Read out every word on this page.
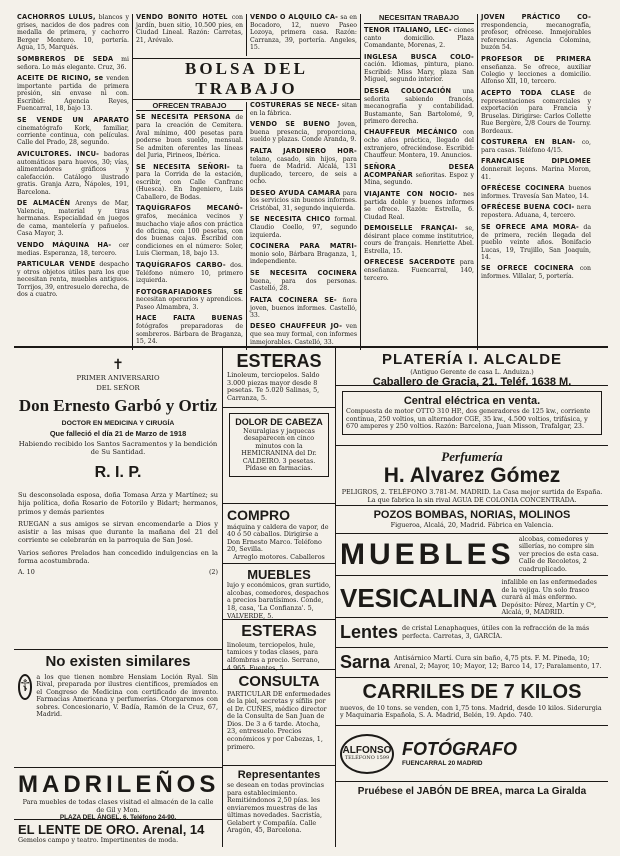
CACHORROS LULUS, blancos y grises, nacidos de dos padres con medalla de primera, y cachorro Berger Montero. 10, portería. Agua, 15, Marqués.

SOMBREROS DE SEDA mi señora. Lo más elegante. Cruz, 36.

ACEITE DE RICINO, se venden importante partida de primera presión, sin envase ni con. Escribid: Agencia Reyes, Fuencarral, 18, bajo 13.

SE VENDE UN APARATO cinematógrafo Kork, familiar, corriente continua, con películas. Calle del Prado, 28, segundo.

AVICULTORES. INCU- badoras automáticas para huevos, 30; vías, alimentadores gráficos y calefacción. Catálogo ilustrado gratis. Granja Azra, Nápoles, 191, Barcelona.

DE ALMACÉN Arenys de Mar, Valencia, material y tiras hermanas. Especialidad en juegos de cama, mantelería y pañuelos. Casa Mayor, 3.

VENDO MÁQUINA HA- cer medias. Esperanza, 18, tercero.

PARTICULAR VENDE despacho y otros objetos útiles para los que necesitan renta, muebles antiguos. Torrijos, 39, entresuelo derecha, de dos a cuatro.

VENDO BONITO HOTEL con jardín, buen sitio, 10.500 pies, en Ciudad Lineal. Razón: Carretas, 21, Arévalo.

VENDO O ALQUILO CA- sa en Bocadoro, 12, nuevo Paseo Lozoya, primera casa. Razón: Carranza, 39, portería. Angeles, 15.

BOLSA DEL TRABAJO
OFRECEN TRABAJO

SE NECESITA PERSONA de para la creación de Cemitera. Aval mínimo, 400 pesetas para poderse buen sueldo, mensual. Se admiten oferentes las líneas del Juria, Pirineos, Ibérica.

SE NECESITA SEÑORI- ta para la Corrida de la estación, escribir, con Calle Canfranc (Huesca). En Ingeniero, Luis Caballero, de Bodas.

TAQUÍGRAFOS MECANÓ- grafos, mecánica vecinos y muchacho viaje años con práctica de oficina, con 100 pesetas, con dos buenas cajas. Escribid con condiciones en el número: Soler, Luis Cierman, 18, bajo 13.

TAQUÍGRAFOS CARBO- dos. Teléfono número 10, primero izquierda.

FOTOGRAFIADORES SE necesitan operarios y aprendices. Paseo Almambra, 3.

HACE FALTA BUENAS fotógrafos preparadoras de sombreros. Bárbara de Braganza, 15, 24.

COSTURERAS SE NECE- sitan en la fábrica.

VENDO SE BUENO Joven, buena presencia, proporciona, sueldo y plazas. Conde Aranda, 9.

FALTA JARDINERO HOR- telano, casado, sin hijos, para fuera de Madrid. Alcalá, 131 duplicado, tercero, de seis a ocho.

DESEO AYUDA CAMARA para los servicios sin buenos informes. Cristóbal, 31, segundo inquierda.

SE NECESITA CHICO formal. Claudio Coello, 97, segundo izquierda.

COCINERA PARA MATRI- monio solo, Bárbara Braganza, 1, independiente.

SE NECESITA COCINERA buena, para dos personas. Castelló, 28.

FALTA COCINERA SE- ñora joven, buenos informes. Castelló, 33.

DESEO CHAUFFEUR JO- ven que sea muy formal, con informes inmejorables. Castelló, 33.

NECESITAN TRABAJO

TENOR ITALIANO, LEC- ciones canto domicilio. Plaza Comandante, Morenas, 2.

INGLESA BUSCA COLO- cación. Idiomas, pintura, piano. Escribid: Miss Mary, plaza San Miguel, segundo interior.

DESEA COLOCACIÓN una señorita sabiendo francés, mecanografía y contabilidad. Bustamante, San Bartolomé, 9, primero derecha.

CHAUFFEUR MECÁNICO con ocho años práctica, llegado del extranjero, ofreciéndose. Escribid: Chauffeur. Montera, 19. Anuncios.

SEÑORA DESEA ACOMPAÑAR señoritas. Espoz y Mina, segundo.

VIAJANTE CON NOCIO- nes partida doble y buenos informes se ofrece. Razón: Estrella, 6. Ciudad Real.

DEMOISELLE FRANÇAI- se, désirant place comme institutrice, cours de français. Henriette Abel. Estrella, 15.

OFRECESE SACERDOTE para enseñanza. Fuencarral, 140, tercero.

JOVEN PRÁCTICO CO- rrespondencia, mecanografía, profesor, ofrécese. Inmejorables referencias. Agencia Colomina, buzón 54.

PROFESOR DE PRIMERA enseñanza. Se ofrece, auxiliar Colegio y lecciones a domicilio. Alfonso XII, 10, tercero.

ACEPTO TODA CLASE de representaciones comerciales y exportación para Francia y Bruselas. Dirigirse: Carlos Collette Rue Bergère, 2/8 Cours de Tourny. Bordeaux.

COSTURERA EN BLAN- co, para casas. Teléfono 4/15.

FRANCAISE DIPLOMEE donnerait leçons. Marina Moron, 41.

OFRÉCESE COCINERA buenos informes. Travesía San Mateo, 14.

OFRÉCESE BUENA COCI- nera repostera. Aduana, 4, tercero.

SE OFRECE AMA MORA- da de primera, recién llegada del pueblo veinte años. Bonifacio Lucas, 19, Trujillo, San Joaquín, 14.

SE OFRECE COCINERA con informes. Villalar, 5, portería.

✝

PRIMER ANIVERSARIO

DEL SEÑOR

Don Ernesto Garbó y Ortiz

DOCTOR EN MEDICINA Y CIRUGÍA

Que falleció el día 21 de Marzo de 1918

Habiendo recibido los Santos Sacramentos y la bendición de Su Santidad.

R. I. P.
Su desconsolada esposa, doña Tomasa Arza y Martínez; su hija política, doña Rosario de Fotorilo y Bidart; hermanos, primos y demás parientes
RUEGAN a sus amigos se sirvan encomendarle a Dios y asistir a las misas que durante la mañana del 21 del corriente se celebrarán en la parroquia de San José.
Varios señores Prelados han concedido indulgencias en la forma acostumbrada.
A. 10	(2)
No existen similares
☦ a los que tienen nombre Hensiam Loción Ryal. Sin Rival, preparada por ilustres científicos, premiados en el Congreso de Medicina con certificado de invento. Farmacias Americana y perfumerías. Otorgaremos con sobres. Concesionario, V. Badía, Ramón de la Cruz, 67, Madrid.
MADRILEÑOS
Para muebles de todas clases visitad el almacén de la calle de Gil y Mon.
PLAZA DEL ÁNGEL, 6. Teléfono 24-90.
EL LENTE DE ORO. Arenal, 14
Gemelos campo y teatro. Impertinentes de moda.
ESTERAS
Linoleum, terciopelos. Saldo 3.000 piezas mayor desde 8 pesetas. Te 5.020 Salinas, 5, Carranza, 5.
DOLOR DE CABEZA
Neuralgias y jaquecas desaparecen en cinco minutos con la HEMICRANINA del Dr. CALDEIRO. 3 pesetas. Pídase en farmacias.
COMPRO
máquina y caldera de vapor, de 40 ó 50 caballos. Dirigirse a Don Ernesto Marco. Teléfono 20, Sevilla.
Arreglo motores. Caballeros
MUEBLES
lujo y económicos, gran surtido, alcobas, comedores, despachos a precios baratísimos. Conde, 18, casa, 'La Confianza'. 5, VALVERDE, 5.
ESTERAS
linoleum, terciopelos, hule, tamices y todas clases, para alfombras a precio. Serrano, 4.965. Fuentes, 5.
CONSULTA
PARTICULAR DE enfermedades de la piel, secretas y sífilis por el Dr. CUÑES, médico director de la Consulta de San Juan de Dios. De 3 a 6 tarde. Atocha, 23, entresuelo. Precios económicos y por Cabezas, 1, primero.
Representantes
se desean en todas provincias para establecimiento. Remitiéndonos 2,50 pías. les enviaremos muestras de las últimas novedades. Sacristía, Gelabert y Compañía. Calle Aragón, 45, Barcelona.
PLATERÍA I. ALCALDE
(Antiguo Gerente de casa L. Anduiza.)
Caballero de Gracia, 21. Teléf. 1638 M.
Central eléctrica en venta.
Compuesta de motor OTTO 310 HP., dos generadores de 125 kw., corriente continua, 250 voltios, un alternador CGE, 35 kw., 4.500 voltios, trifásica, y 670 amperes y 250 voltios. Razón: Barcelona, Juan Misson, Trafalgar, 23.
Perfumería
H. Alvarez Gómez
PELIGROS, 2. TELÉFONO 3.781-M. MADRID. La Casa mejor surtida de España. La que fabrica la sin rival AGUA DE COLONIA CONCENTRADA.
POZOS BOMBAS, NORIAS, MOLINOS
Figueroa, Alcalá, 20, Madrid. Fábrica en Valencia.
MUEBLES alcobas, comedores y sillerías, no compre sin ver precios de esta casa. Calle de Recoletos, 2 cuadruplicado.
VESICALINA
infalible en las enfermedades de la vejiga. Un solo frasco curará al más enfermo. Depósito: Pérez, Martín y Cª, Alcalá, 9, MADRID.
Lentes de cristal Lenaphaques, útiles con la refracción de la más perfecta. Carretas, 3, GARCÍA.
Sarna Antisárnico Martí. Cura sin baño, 4,75 pts. F. M. Pineda, 10; Arenal, 2; Mayor, 10; Mayor, 12; Barco 14, 17; Paralamento, 17.
CARRILES DE 7 KILOS
nuevos, de 10 tons. se venden, con 1,75 tons. Madrid, desde 10 kilos. Siderurgia y Maquinaria Española, S. A. Madrid, Belén, 19. Apdo. 740.
ALFONSO
TELÉFONO 1599 FOTÓGRAFO
FUENCARRAL 20 MADRID
Pruébese el JABÓN DE BREA, marca La Giralda
